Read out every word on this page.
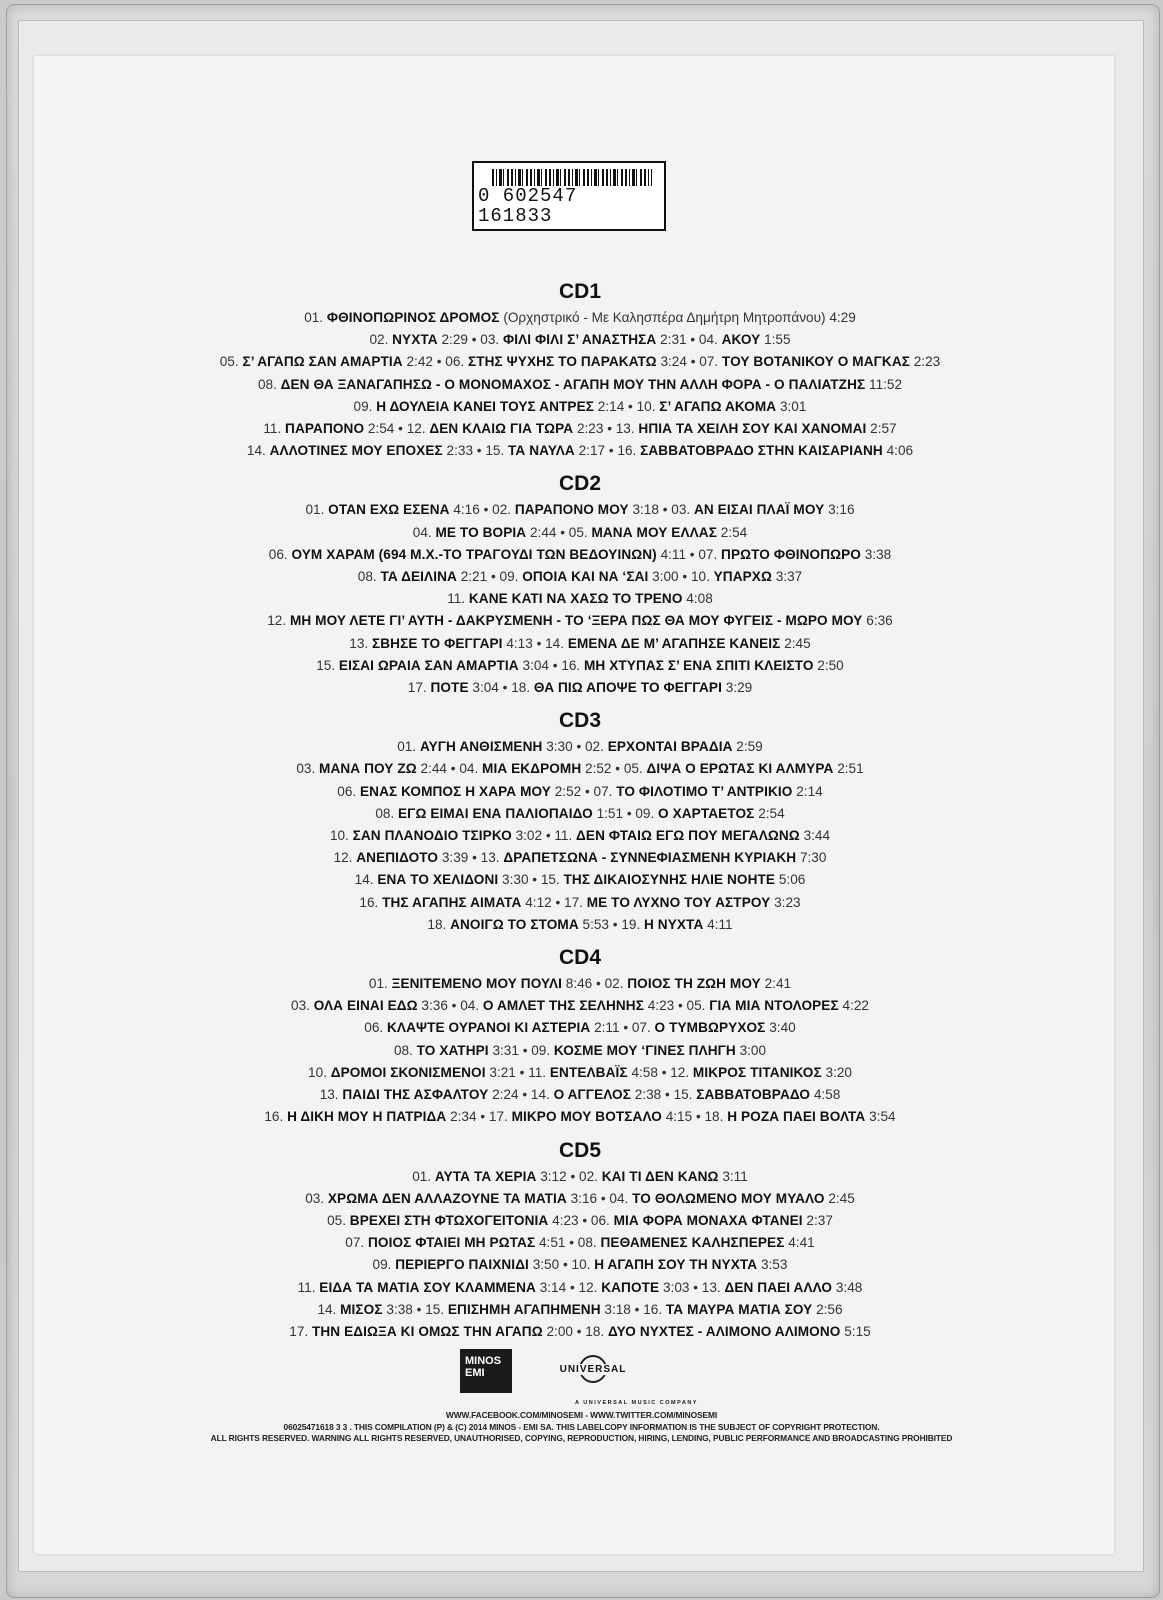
0 602547 161833
CD1
01. ΦΘΙΝΟΠΩΡΙΝΟΣ ΔΡΟΜΟΣ (Ορχηστρικό - Με Καλησπέρα Δημήτρη Μητροπάνου) 4:29
02. ΝΥΧΤΑ 2:29 • 03. ΦΙΛΙ ΦΙΛΙ Σ’ ΑΝΑΣΤΗΣΑ 2:31 • 04. ΑΚΟΥ 1:55
05. Σ’ ΑΓΑΠΩ ΣΑΝ ΑΜΑΡΤΙΑ 2:42 • 06. ΣΤΗΣ ΨΥΧΗΣ ΤΟ ΠΑΡΑΚΑΤΩ 3:24 • 07. ΤΟΥ ΒΟΤΑΝΙΚΟΥ Ο ΜΑΓΚΑΣ 2:23
08. ΔΕΝ ΘΑ ΞΑΝΑΓΑΠΗΣΩ - Ο ΜΟΝΟΜΑΧΟΣ - ΑΓΑΠΗ ΜΟΥ ΤΗΝ ΑΛΛΗ ΦΟΡΑ - Ο ΠΑΛΙΑΤΖΗΣ 11:52
09. Η ΔΟΥΛΕΙΑ ΚΑΝΕΙ ΤΟΥΣ ΑΝΤΡΕΣ 2:14 • 10. Σ’ ΑΓΑΠΩ ΑΚΟΜΑ 3:01
11. ΠΑΡΑΠΟΝΟ 2:54 • 12. ΔΕΝ ΚΛΑΙΩ ΓΙΑ ΤΩΡΑ 2:23 • 13. ΗΠΙΑ ΤΑ ΧΕΙΛΗ ΣΟΥ ΚΑΙ ΧΑΝΟΜΑΙ 2:57
14. ΑΛΛΟΤΙΝΕΣ ΜΟΥ ΕΠΟΧΕΣ 2:33 • 15. ΤΑ ΝΑΥΛΑ 2:17 • 16. ΣΑΒΒΑΤΟΒΡΑΔΟ ΣΤΗΝ ΚΑΙΣΑΡΙΑΝΗ 4:06
CD2
01. ΟΤΑΝ ΕΧΩ ΕΣΕΝΑ 4:16 • 02. ΠΑΡΑΠΟΝΟ ΜΟΥ 3:18 • 03. ΑΝ ΕΙΣΑΙ ΠΛΑΪ ΜΟΥ 3:16
04. ΜΕ ΤΟ ΒΟΡΙΑ 2:44 • 05. ΜΑΝΑ ΜΟΥ ΕΛΛΑΣ 2:54
06. ΟΥΜ ΧΑΡΑΜ (694 Μ.Χ.-ΤΟ ΤΡΑΓΟΥΔΙ ΤΩΝ ΒΕΔΟΥΙΝΩΝ) 4:11 • 07. ΠΡΩΤΟ ΦΘΙΝΟΠΩΡΟ 3:38
08. ΤΑ ΔΕΙΛΙΝΑ 2:21 • 09. ΟΠΟΙΑ ΚΑΙ ΝΑ ‘ΣΑΙ 3:00 • 10. ΥΠΑΡΧΩ 3:37
11. ΚΑΝΕ ΚΑΤΙ ΝΑ ΧΑΣΩ ΤΟ ΤΡΕΝΟ 4:08
12. ΜΗ ΜΟΥ ΛΕΤΕ ΓΙ’ ΑΥΤΗ - ΔΑΚΡΥΣΜΕΝΗ - ΤΟ ‘ΞΕΡΑ ΠΩΣ ΘΑ ΜΟΥ ΦΥΓΕΙΣ - ΜΩΡΟ ΜΟΥ 6:36
13. ΣΒΗΣΕ ΤΟ ΦΕΓΓΑΡΙ 4:13 • 14. ΕΜΕΝΑ ΔΕ Μ’ ΑΓΑΠΗΣΕ ΚΑΝΕΙΣ 2:45
15. ΕΙΣΑΙ ΩΡΑΙΑ ΣΑΝ ΑΜΑΡΤΙΑ 3:04 • 16. ΜΗ ΧΤΥΠΑΣ Σ’ ΕΝΑ ΣΠΙΤΙ ΚΛΕΙΣΤΟ 2:50
17. ΠΟΤΕ 3:04 • 18. ΘΑ ΠΙΩ ΑΠΟΨΕ ΤΟ ΦΕΓΓΑΡΙ 3:29
CD3
01. ΑΥΓΗ ΑΝΘΙΣΜΕΝΗ 3:30 • 02. ΕΡΧΟΝΤΑΙ ΒΡΑΔΙΑ 2:59
03. ΜΑΝΑ ΠΟΥ ΖΩ 2:44 • 04. ΜΙΑ ΕΚΔΡΟΜΗ 2:52 • 05. ΔΙΨΑ Ο ΕΡΩΤΑΣ ΚΙ ΑΛΜΥΡΑ 2:51
06. ΕΝΑΣ ΚΟΜΠΟΣ Η ΧΑΡΑ ΜΟΥ 2:52 • 07. ΤΟ ΦΙΛΟΤΙΜΟ Τ’ ΑΝΤΡΙΚΙΟ 2:14
08. ΕΓΩ ΕΙΜΑΙ ΕΝΑ ΠΑΛΙΟΠΑΙΔΟ 1:51 • 09. Ο ΧΑΡΤΑΕΤΟΣ 2:54
10. ΣΑΝ ΠΛΑΝΟΔΙΟ ΤΣΙΡΚΟ 3:02 • 11. ΔΕΝ ΦΤΑΙΩ ΕΓΩ ΠΟΥ ΜΕΓΑΛΩΝΩ 3:44
12. ΑΝΕΠΙΔΟΤΟ 3:39 • 13. ΔΡΑΠΕΤΣΩΝΑ - ΣΥΝΝΕΦΙΑΣΜΕΝΗ ΚΥΡΙΑΚΗ 7:30
14. ΕΝΑ ΤΟ ΧΕΛΙΔΟΝΙ 3:30 • 15. ΤΗΣ ΔΙΚΑΙΟΣΥΝΗΣ ΗΛΙΕ ΝΟΗΤΕ 5:06
16. ΤΗΣ ΑΓΑΠΗΣ ΑΙΜΑΤΑ 4:12 • 17. ΜΕ ΤΟ ΛΥΧΝΟ ΤΟΥ ΑΣΤΡΟΥ 3:23
18. ΑΝΟΙΓΩ ΤΟ ΣΤΟΜΑ 5:53 • 19. Η ΝΥΧΤΑ 4:11
CD4
01. ΞΕΝΙΤΕΜΕΝΟ ΜΟΥ ΠΟΥΛΙ 8:46 • 02. ΠΟΙΟΣ ΤΗ ΖΩΗ ΜΟΥ 2:41
03. ΟΛΑ ΕΙΝΑΙ ΕΔΩ 3:36 • 04. Ο ΑΜΛΕΤ ΤΗΣ ΣΕΛΗΝΗΣ 4:23 • 05. ΓΙΑ ΜΙΑ ΝΤΟΛΟΡΕΣ 4:22
06. ΚΛΑΨΤΕ ΟΥΡΑΝΟΙ ΚΙ ΑΣΤΕΡΙΑ 2:11 • 07. Ο ΤΥΜΒΩΡΥΧΟΣ 3:40
08. ΤΟ ΧΑΤΗΡΙ 3:31 • 09. ΚΟΣΜΕ ΜΟΥ ‘ΓΙΝΕΣ ΠΛΗΓΗ 3:00
10. ΔΡΟΜΟΙ ΣΚΟΝΙΣΜΕΝΟΙ 3:21 • 11. ΕΝΤΕΛΒΑΪΣ 4:58 • 12. ΜΙΚΡΟΣ ΤΙΤΑΝΙΚΟΣ 3:20
13. ΠΑΙΔΙ ΤΗΣ ΑΣΦΑΛΤΟΥ 2:24 • 14. Ο ΑΓΓΕΛΟΣ 2:38 • 15. ΣΑΒΒΑΤΟΒΡΑΔΟ 4:58
16. Η ΔΙΚΗ ΜΟΥ Η ΠΑΤΡΙΔΑ 2:34 • 17. ΜΙΚΡΟ ΜΟΥ ΒΟΤΣΑΛΟ 4:15 • 18. Η ΡΟΖΑ ΠΑΕΙ ΒΟΛΤΑ 3:54
CD5
01. ΑΥΤΑ ΤΑ ΧΕΡΙΑ 3:12 • 02. ΚΑΙ ΤΙ ΔΕΝ ΚΑΝΩ 3:11
03. ΧΡΩΜΑ ΔΕΝ ΑΛΛΑΖΟΥΝΕ ΤΑ ΜΑΤΙΑ 3:16 • 04. ΤΟ ΘΟΛΩΜΕΝΟ ΜΟΥ ΜΥΑΛΟ 2:45
05. ΒΡΕΧΕΙ ΣΤΗ ΦΤΩΧΟΓΕΙΤΟΝΙΑ 4:23 • 06. ΜΙΑ ΦΟΡΑ ΜΟΝΑΧΑ ΦΤΑΝΕΙ 2:37
07. ΠΟΙΟΣ ΦΤΑΙΕΙ ΜΗ ΡΩΤΑΣ 4:51 • 08. ΠΕΘΑΜΕΝΕΣ ΚΑΛΗΣΠΕΡΕΣ 4:41
09. ΠΕΡΙΕΡΓΟ ΠΑΙΧΝΙΔΙ 3:50 • 10. Η ΑΓΑΠΗ ΣΟΥ ΤΗ ΝΥΧΤΑ 3:53
11. ΕΙΔΑ ΤΑ ΜΑΤΙΑ ΣΟΥ ΚΛΑΜΜΕΝΑ 3:14 • 12. ΚΑΠΟΤΕ 3:03 • 13. ΔΕΝ ΠΑΕΙ ΑΛΛΟ 3:48
14. ΜΙΣΟΣ 3:38 • 15. ΕΠΙΣΗΜΗ ΑΓΑΠΗΜΕΝΗ 3:18 • 16. ΤΑ ΜΑΥΡΑ ΜΑΤΙΑ ΣΟΥ 2:56
17. ΤΗΝ ΕΔΙΩΞΑ ΚΙ ΟΜΩΣ ΤΗΝ ΑΓΑΠΩ 2:00 • 18. ΔΥΟ ΝΥΧΤΕΣ - ΑΛΙΜΟΝΟ ΑΛΙΜΟΝΟ 5:15
MINOS
EMI	UNIVERSAL
A UNIVERSAL MUSIC COMPANY
WWW.FACEBOOK.COM/MINOSEMI - WWW.TWITTER.COM/MINOSEMI
06025471618 3 3 . THIS COMPILATION (P) & (C) 2014 MINOS - EMI SA. THIS LABELCOPY INFORMATION IS THE SUBJECT OF COPYRIGHT PROTECTION.
ALL RIGHTS RESERVED. WARNING ALL RIGHTS RESERVED, UNAUTHORISED, COPYING, REPRODUCTION, HIRING, LENDING, PUBLIC PERFORMANCE AND BROADCASTING PROHIBITED
